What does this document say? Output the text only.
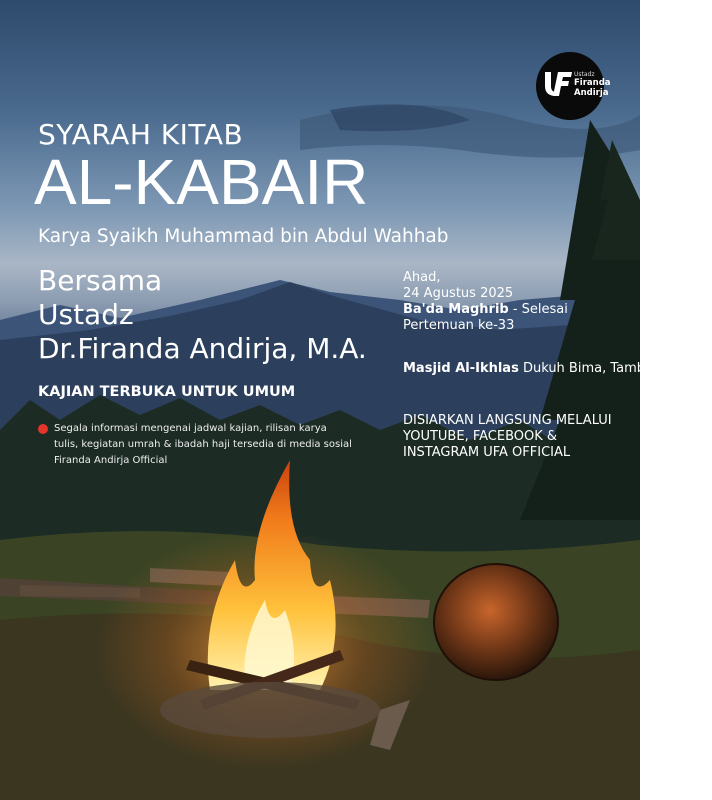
Ustadz
Firanda
Andirja
SYARAH KITAB
AL-KABAIR
Karya Syaikh Muhammad bin Abdul Wahhab
Bersama
Ustadz
Dr.Firanda Andirja, M.A.
KAJIAN TERBUKA UNTUK UMUM
Segala informasi mengenai jadwal kajian, rilisan karya tulis, kegiatan umrah & ibadah haji tersedia di media sosial Firanda Andirja Official
Ahad,
24 Agustus 2025
Ba'da Maghrib - Selesai
Pertemuan ke-33
Masjid Al-Ikhlas Dukuh Bima, Tambun, Bekasi
DISIARKAN LANGSUNG MELALUI YOUTUBE, FACEBOOK & INSTAGRAM UFA OFFICIAL
